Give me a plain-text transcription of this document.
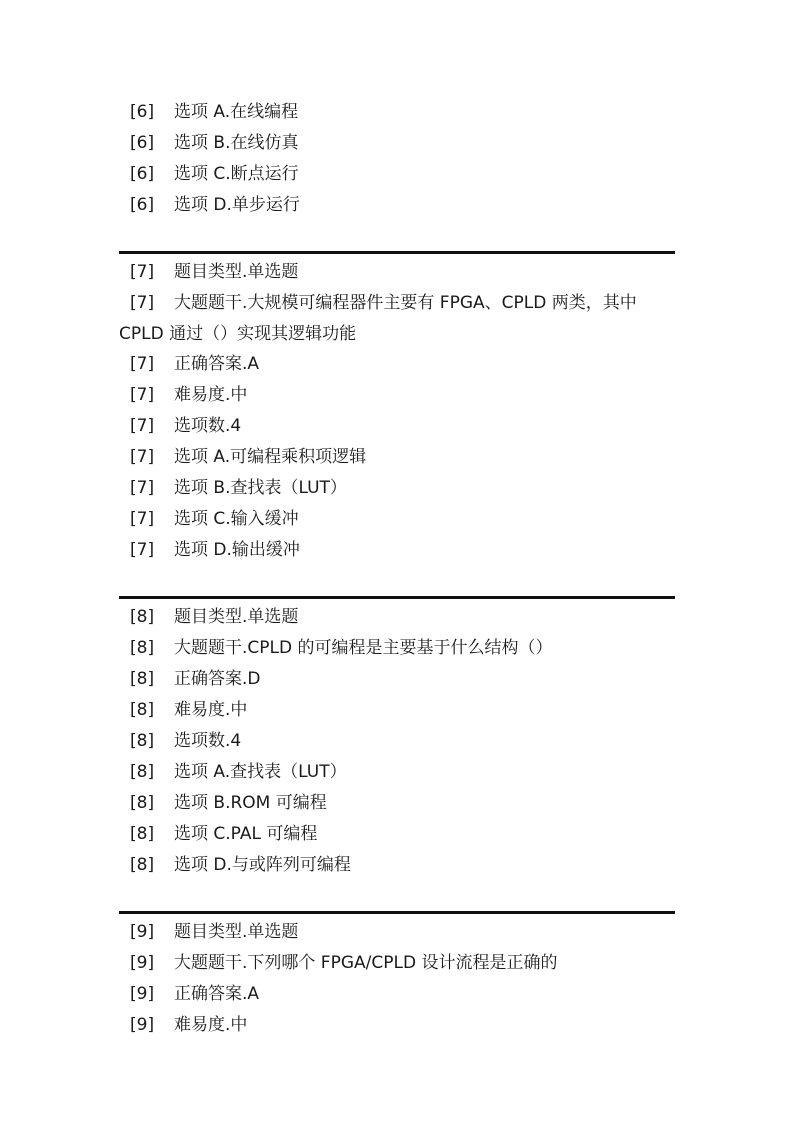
[6]	选项 A.在线编程
[6]	选项 B.在线仿真
[6]	选项 C.断点运行
[6]	选项 D.单步运行
[7]	题目类型.单选题
[7]	大题题干.大规模可编程器件主要有 FPGA、CPLD 两类，其中
CPLD 通过（）实现其逻辑功能
[7]	正确答案.A
[7]	难易度.中
[7]	选项数.4
[7]	选项 A.可编程乘积项逻辑
[7]	选项 B.查找表（LUT）
[7]	选项 C.输入缓冲
[7]	选项 D.输出缓冲
[8]	题目类型.单选题
[8]	大题题干.CPLD 的可编程是主要基于什么结构（）
[8]	正确答案.D
[8]	难易度.中
[8]	选项数.4
[8]	选项 A.查找表（LUT）
[8]	选项 B.ROM 可编程
[8]	选项 C.PAL 可编程
[8]	选项 D.与或阵列可编程
[9]	题目类型.单选题
[9]	大题题干.下列哪个 FPGA/CPLD 设计流程是正确的
[9]	正确答案.A
[9]	难易度.中
